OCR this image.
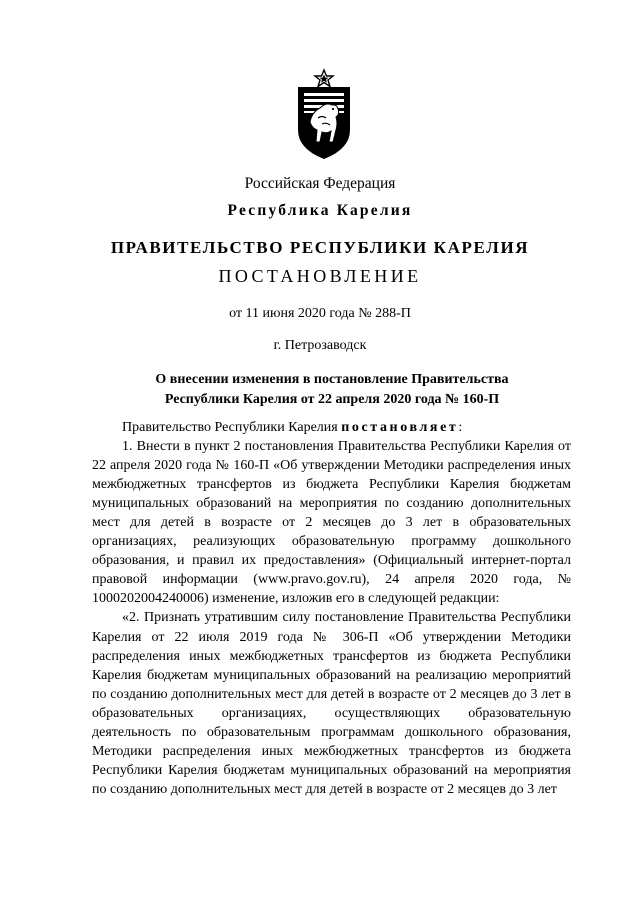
Российская Федерация
Республика Карелия
ПРАВИТЕЛЬСТВО РЕСПУБЛИКИ КАРЕЛИЯ
ПОСТАНОВЛЕНИЕ
от 11 июня 2020 года № 288-П
г. Петрозаводск
О внесении изменения в постановление Правительства
Республики Карелия от 22 апреля 2020 года № 160-П

Правительство Республики Карелия постановляет:

1. Внести в пункт 2 постановления Правительства Республики Карелия от 22 апреля 2020 года № 160-П «Об утверждении Методики распределения иных межбюджетных трансфертов из бюджета Республики Карелия бюджетам муниципальных образований на мероприятия по созданию дополнительных мест для детей в возрасте от 2 месяцев до 3 лет в образовательных организациях, реализующих образовательную программу дошкольного образования, и правил их предоставления» (Официальный интернет-портал правовой информации (www.pravo.gov.ru), 24 апреля 2020 года, № 1000202004240006) изменение, изложив его в следующей редакции:

«2. Признать утратившим силу постановление Правительства Республики Карелия от 22 июля 2019 года № 306-П «Об утверждении Методики распределения иных межбюджетных трансфертов из бюджета Республики Карелия бюджетам муниципальных образований на реализацию мероприятий по созданию дополнительных мест для детей в возрасте от 2 месяцев до 3 лет в образовательных организациях, осуществляющих образовательную деятельность по образовательным программам дошкольного образования, Методики распределения иных межбюджетных трансфертов из бюджета Республики Карелия бюджетам муниципальных образований на мероприятия по созданию дополнительных мест для детей в возрасте от 2 месяцев до 3 лет
